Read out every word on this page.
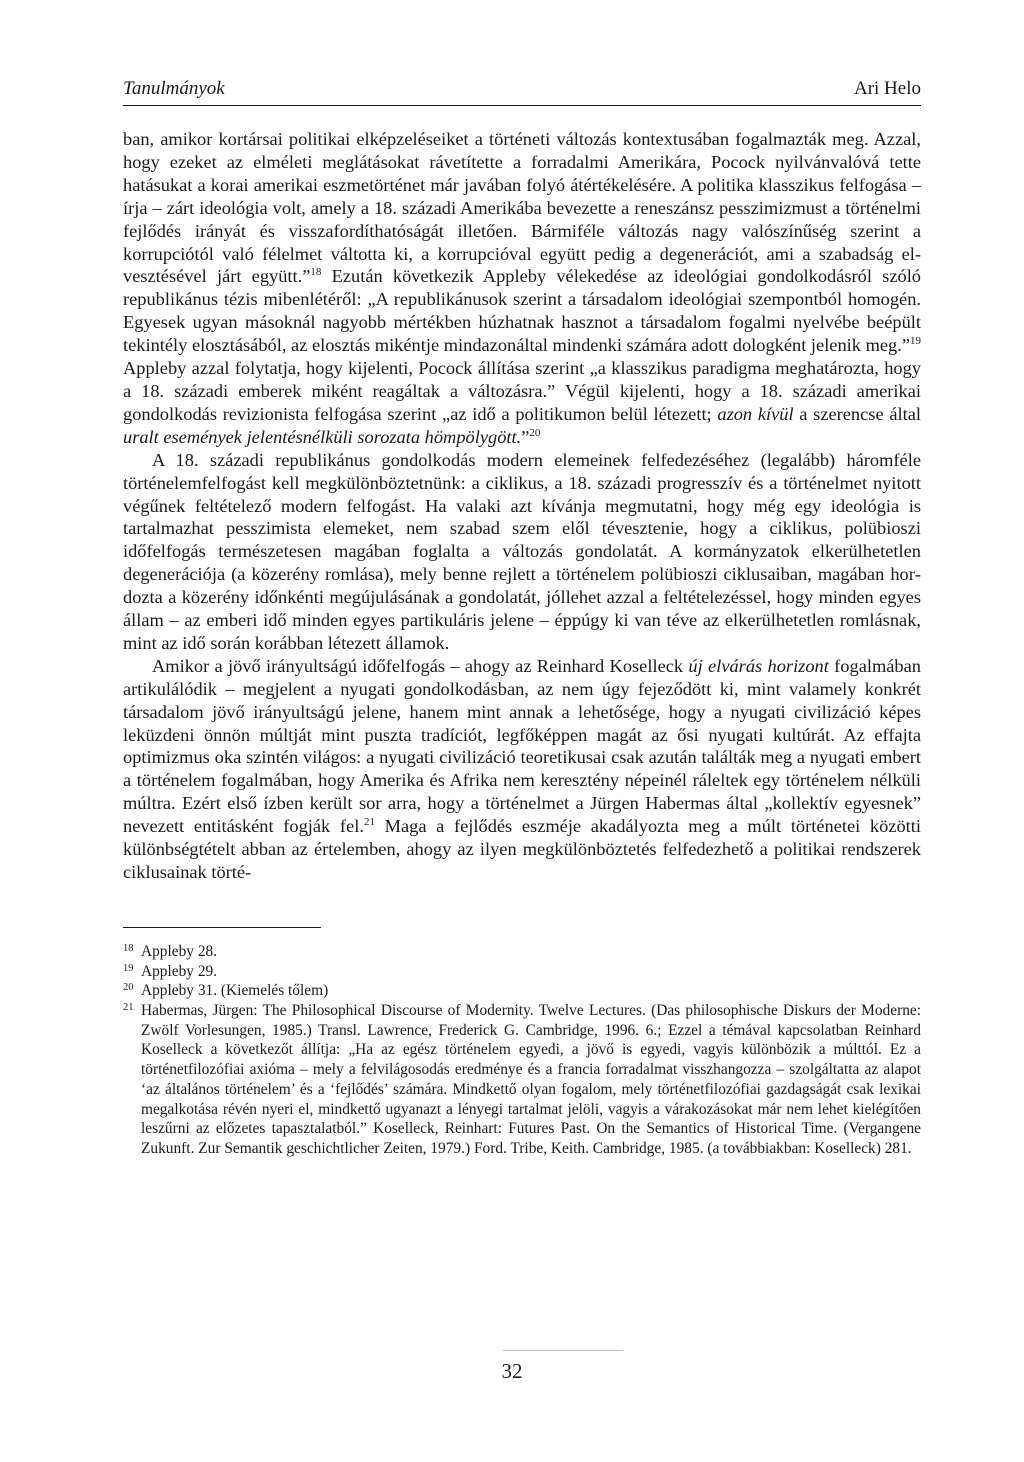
Tanulmányok	Ari Helo

ban, amikor kortársai politikai elképzeléseiket a történeti változás kontextusában fogalmazták meg. Azzal, hogy ezeket az elméleti meglátásokat rávetítette a forradalmi Amerikára, Pocock nyilvánvalóvá tette hatásukat a korai amerikai eszmetörténet már javában folyó átértékelésére. A politika klasszikus felfogása – írja – zárt ideológia volt, amely a 18. századi Amerikába bevezette a reneszánsz pesszimizmust a történelmi fejlődés irányát és visszafordíthatóságát illetően. Bármiféle változás nagy valószínűség szerint a korrupciótól való félelmet váltotta ki, a korrupcióval együtt pedig a degenerációt, ami a szabadság elvesztésével járt együtt.”$^{18}$ Ezután következik Appleby vélekedése az ideológiai gondolkodásról szóló republikánus tézis mibenlétéről: „A republikánusok szerint a társadalom ideológiai szempontból homogén. Egyesek ugyan másoknál nagyobb mértékben húzhatnak hasznot a társadalom fogalmi nyelvébe beépült tekintély elosztásából, az elosztás mikéntje mindazonáltal mindenki számára adott dologként jelenik meg.”$^{19}$ Appleby azzal folytatja, hogy kijelenti, Pocock állítása szerint „a klasszikus paradigma meghatározta, hogy a 18. századi emberek miként reagáltak a változásra.” Végül kijelenti, hogy a 18. századi amerikai gondolkodás revizionista felfogása szerint „az idő a politikumon belül létezett; azon kívül a szerencse által uralt események jelentésnélküli sorozata hömpölygött.”$^{20}$

A 18. századi republikánus gondolkodás modern elemeinek felfedezéséhez (legalább) háromféle történelemfelfogást kell megkülönböztetnünk: a ciklikus, a 18. századi progresszív és a történelmet nyitott végűnek feltételező modern felfogást. Ha valaki azt kívánja megmutatni, hogy még egy ideológia is tartalmazhat pesszimista elemeket, nem szabad szem elől tévesztenie, hogy a ciklikus, polübioszi időfelfogás természetesen magában foglalta a változás gondolatát. A kormányzatok elkerülhetetlen degenerációja (a közerény romlása), mely benne rejlett a történelem polübioszi ciklusaiban, magában hordozta a közerény időnkénti megújulásának a gondolatát, jóllehet azzal a feltételezéssel, hogy minden egyes állam – az emberi idő minden egyes partikuláris jelene – éppúgy ki van téve az elkerülhetetlen romlásnak, mint az idő során korábban létezett államok.

Amikor a jövő irányultságú időfelfogás – ahogy az Reinhard Koselleck új elvárás horizont fogalmában artikulálódik – megjelent a nyugati gondolkodásban, az nem úgy fejeződött ki, mint valamely konkrét társadalom jövő irányultságú jelene, hanem mint annak a lehetősége, hogy a nyugati civilizáció képes leküzdeni önnön múltját mint puszta tradíciót, legfőképpen magát az ősi nyugati kultúrát. Az effajta optimizmus oka szintén világos: a nyugati civilizáció teoretikusai csak azután találták meg a nyugati embert a történelem fogalmában, hogy Amerika és Afrika nem keresztény népeinél ráleltek egy történelem nélküli múltra. Ezért első ízben került sor arra, hogy a történelmet a Jürgen Habermas által „kollektív egyesnek” nevezett entitásként fogják fel.$^{21}$ Maga a fejlődés eszméje akadályozta meg a múlt történetei közötti különbségtételt abban az értelemben, ahogy az ilyen megkülönböztetés felfedezhető a politikai rendszerek ciklusainak törté-

18 Appleby 28.
19 Appleby 29.
20 Appleby 31. (Kiemelés tőlem)
21 Habermas, Jürgen: The Philosophical Discourse of Modernity. Twelve Lectures. (Das philosophische Diskurs der Moderne: Zwölf Vorlesungen, 1985.) Transl. Lawrence, Frederick G. Cambridge, 1996. 6.; Ezzel a témával kapcsolatban Reinhard Koselleck a következőt állítja: „Ha az egész történelem egyedi, a jövő is egyedi, vagyis különbözik a múlttól. Ez a történetfilozófiai axióma – mely a felvilágosodás eredménye és a francia forradalmat visszhangozza – szolgáltatta az alapot ‘az általános történelem’ és a ‘fejlődés’ számára. Mindkettő olyan fogalom, mely történetfilozófiai gazdagságát csak lexikai megalkotása révén nyeri el, mindkettő ugyanazt a lényegi tartalmat jelöli, vagyis a várakozásokat már nem lehet kielégítően leszűrni az előzetes tapasztalatból.” Koselleck, Reinhart: Futures Past. On the Semantics of Historical Time. (Vergangene Zukunft. Zur Semantik geschichtlicher Zeiten, 1979.) Ford. Tribe, Keith. Cambridge, 1985. (a továbbiakban: Koselleck) 281.
32
